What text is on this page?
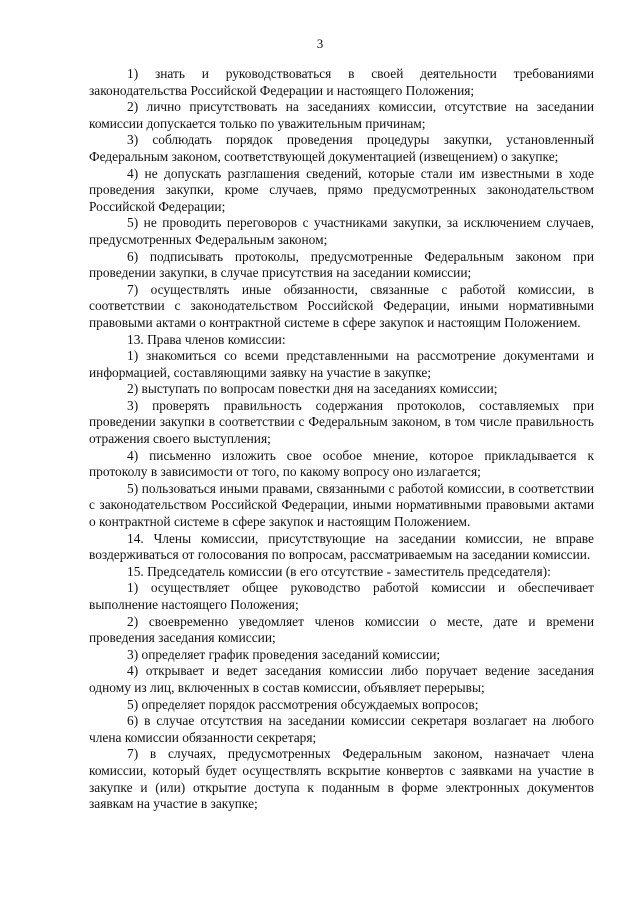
3

1) знать и руководствоваться в своей деятельности требованиями законодательства Российской Федерации и настоящего Положения;

2) лично присутствовать на заседаниях комиссии, отсутствие на заседании комиссии допускается только по уважительным причинам;

3) соблюдать порядок проведения процедуры закупки, установленный Федеральным законом, соответствующей документацией (извещением) о закупке;

4) не допускать разглашения сведений, которые стали им известными в ходе проведения закупки, кроме случаев, прямо предусмотренных законодательством Российской Федерации;

5) не проводить переговоров с участниками закупки, за исключением случаев, предусмотренных Федеральным законом;

6) подписывать протоколы, предусмотренные Федеральным законом при проведении закупки, в случае присутствия на заседании комиссии;

7) осуществлять иные обязанности, связанные с работой комиссии, в соответствии с законодательством Российской Федерации, иными нормативными правовыми актами о контрактной системе в сфере закупок и настоящим Положением.

13. Права членов комиссии:

1) знакомиться со всеми представленными на рассмотрение документами и информацией, составляющими заявку на участие в закупке;

2) выступать по вопросам повестки дня на заседаниях комиссии;

3) проверять правильность содержания протоколов, составляемых при проведении закупки в соответствии с Федеральным законом, в том числе правильность отражения своего выступления;

4) письменно изложить свое особое мнение, которое прикладывается к протоколу в зависимости от того, по какому вопросу оно излагается;

5) пользоваться иными правами, связанными с работой комиссии, в соответствии с законодательством Российской Федерации, иными нормативными правовыми актами о контрактной системе в сфере закупок и настоящим Положением.

14. Члены комиссии, присутствующие на заседании комиссии, не вправе воздерживаться от голосования по вопросам, рассматриваемым на заседании комиссии.

15. Председатель комиссии (в его отсутствие - заместитель председателя):

1) осуществляет общее руководство работой комиссии и обеспечивает выполнение настоящего Положения;

2) своевременно уведомляет членов комиссии о месте, дате и времени проведения заседания комиссии;

3) определяет график проведения заседаний комиссии;

4) открывает и ведет заседания комиссии либо поручает ведение заседания одному из лиц, включенных в состав комиссии, объявляет перерывы;

5) определяет порядок рассмотрения обсуждаемых вопросов;

6) в случае отсутствия на заседании комиссии секретаря возлагает на любого члена комиссии обязанности секретаря;

7) в случаях, предусмотренных Федеральным законом, назначает члена комиссии, который будет осуществлять вскрытие конвертов с заявками на участие в закупке и (или) открытие доступа к поданным в форме электронных документов заявкам на участие в закупке;
